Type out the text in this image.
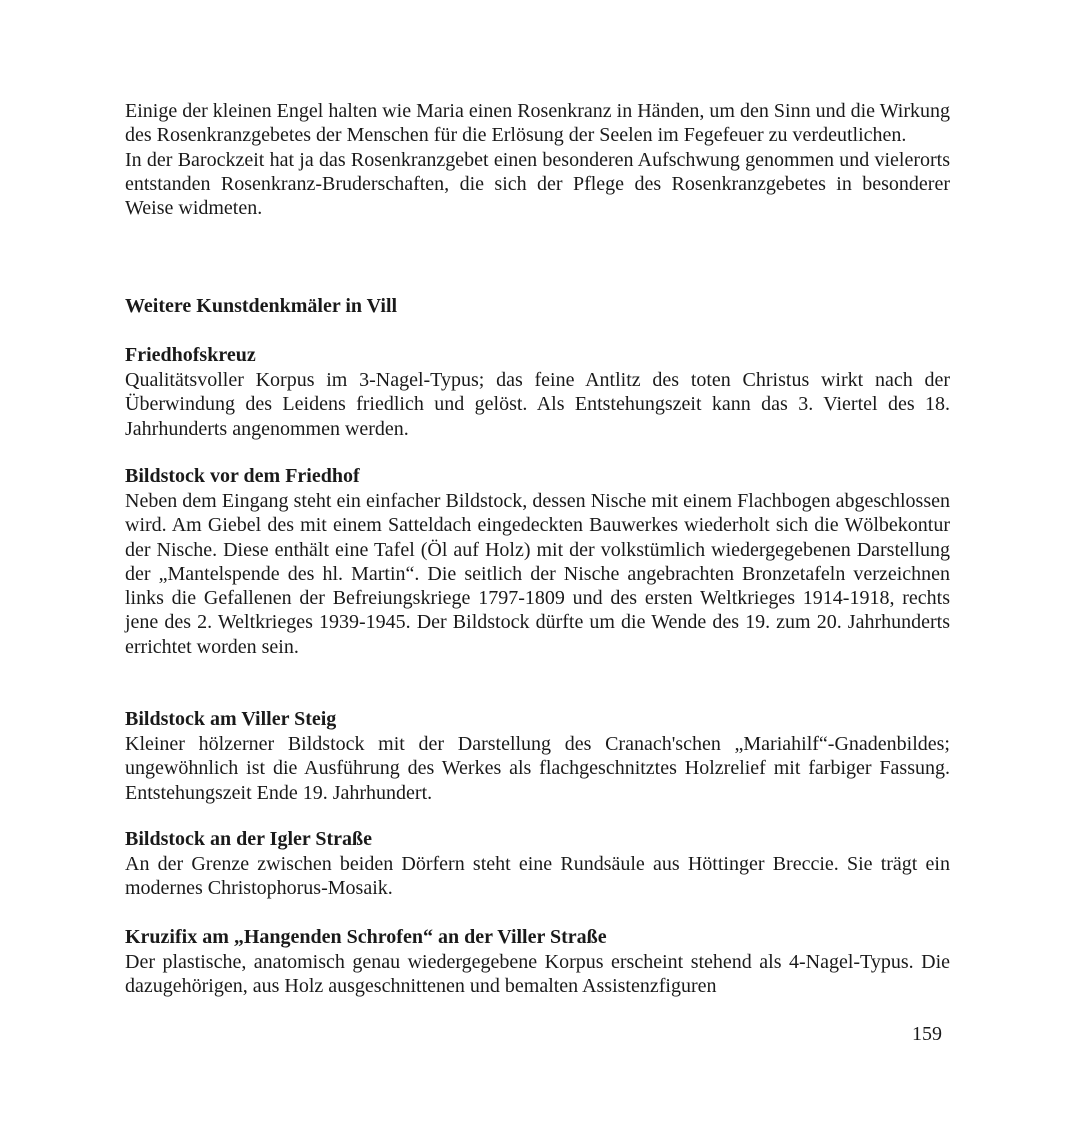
Einige der kleinen Engel halten wie Maria einen Rosenkranz in Händen, um den Sinn und die Wirkung des Rosenkranzgebetes der Menschen für die Erlösung der Seelen im Fegefeuer zu verdeutlichen.

In der Barockzeit hat ja das Rosenkranzgebet einen besonderen Aufschwung genommen und vielerorts entstanden Rosenkranz-Bruderschaften, die sich der Pflege des Rosenkranzgebetes in besonderer Weise widmeten.

Weitere Kunstdenkmäler in Vill
Friedhofskreuz

Qualitätsvoller Korpus im 3-Nagel-Typus; das feine Antlitz des toten Christus wirkt nach der Überwindung des Leidens friedlich und gelöst. Als Entstehungszeit kann das 3. Viertel des 18. Jahrhunderts angenommen werden.

Bildstock vor dem Friedhof

Neben dem Eingang steht ein einfacher Bildstock, dessen Nische mit einem Flachbogen abgeschlossen wird. Am Giebel des mit einem Satteldach eingedeckten Bauwerkes wiederholt sich die Wölbekontur der Nische. Diese enthält eine Tafel (Öl auf Holz) mit der volkstümlich wiedergegebenen Darstellung der „Mantelspende des hl. Martin“. Die seitlich der Nische angebrachten Bronzetafeln verzeichnen links die Gefallenen der Befreiungskriege 1797-1809 und des ersten Weltkrieges 1914-1918, rechts jene des 2. Weltkrieges 1939-1945. Der Bildstock dürfte um die Wende des 19. zum 20. Jahrhunderts errichtet worden sein.

Bildstock am Viller Steig

Kleiner hölzerner Bildstock mit der Darstellung des Cranach'schen „Mariahilf“-Gnadenbildes; ungewöhnlich ist die Ausführung des Werkes als flachgeschnitztes Holzrelief mit farbiger Fassung. Entstehungszeit Ende 19. Jahrhundert.

Bildstock an der Igler Straße

An der Grenze zwischen beiden Dörfern steht eine Rundsäule aus Höttinger Breccie. Sie trägt ein modernes Christophorus-Mosaik.

Kruzifix am „Hangenden Schrofen“ an der Viller Straße

Der plastische, anatomisch genau wiedergegebene Korpus erscheint stehend als 4-Nagel-Typus. Die dazugehörigen, aus Holz ausgeschnittenen und bemalten Assistenzfiguren

159
